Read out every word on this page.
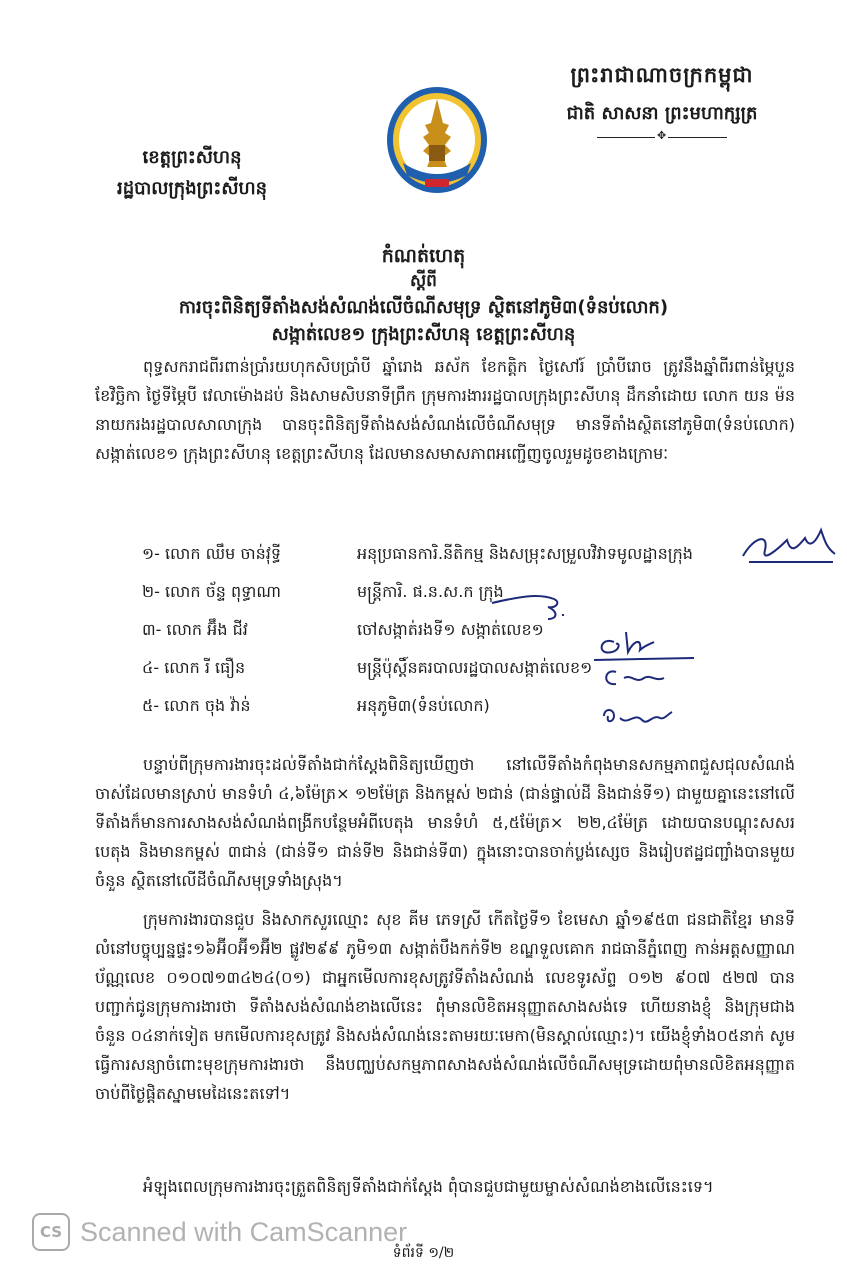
ព្រះរាជាណាចក្រកម្ពុជា
ជាតិ សាសនា ព្រះមហាក្សត្រ
✥
ខេត្តព្រះសីហនុ
រដ្ឋបាលក្រុងព្រះសីហនុ
កំណត់ហេតុ
ស្តីពី
ការចុះពិនិត្យទីតាំងសង់សំណង់លើចំណីសមុទ្រ ស្ថិតនៅភូមិ៣(ទំនប់លោក)
សង្កាត់លេខ១ ក្រុងព្រះសីហនុ ខេត្តព្រះសីហនុ
ពុទ្ធសករាជពីរពាន់ប្រាំរយហុកសិបប្រាំបី ឆ្នាំរោង ឆស័ក ខែកត្តិក ថ្ងៃសៅរ៍ ប្រាំបីរោច ត្រូវនឹងឆ្នាំពីរពាន់ម្ភៃបួន ខែវិច្ឆិកា ថ្ងៃទីម្ភៃបី វេលាម៉ោងដប់ និងសាមសិបនាទីព្រឹក ក្រុមការងាររដ្ឋបាលក្រុងព្រះសីហនុ ដឹកនាំដោយ លោក យន ម៉ន នាយករងរដ្ឋបាលសាលាក្រុង បានចុះពិនិត្យទីតាំងសង់សំណង់លើចំណីសមុទ្រ មានទីតាំងស្ថិតនៅភូមិ៣(ទំនប់លោក) សង្កាត់លេខ១ ក្រុងព្រះសីហនុ ខេត្តព្រះសីហនុ ដែលមានសមាសភាពអញ្ជើញចូលរួមដូចខាងក្រោមៈ
១- លោក ឈឹម ចាន់វុទ្ធី	អនុប្រធានការិ.នីតិកម្ម និងសម្រុះសម្រួលវិវាទមូលដ្ឋានក្រុង
២- លោក ច័ន្ទ ពុទ្ធាណា	មន្ត្រីការិ. ផ.ន.ស.ក ក្រុង
៣- លោក អ៊ឹង ជីវ	ចៅសង្កាត់រងទី១ សង្កាត់លេខ១
៤- លោក រី ធឿន	មន្ត្រីប៉ុស្តិ៍នគរបាលរដ្ឋបាលសង្កាត់លេខ១
៥- លោក ចុង វ៉ាន់	អនុភូមិ៣(ទំនប់លោក)
បន្ទាប់ពីក្រុមការងារចុះដល់ទីតាំងជាក់ស្តែងពិនិត្យឃើញថា នៅលើទីតាំងកំពុងមានសកម្មភាពជួសជុលសំណង់ចាស់ដែលមានស្រាប់ មានទំហំ ៤,៦ម៉ែត្រ× ១២ម៉ែត្រ និងកម្ពស់ ២ជាន់ (ជាន់ផ្ទាល់ដី និងជាន់ទី១) ជាមួយគ្នានេះនៅលើទីតាំងក៏មានការសាងសង់សំណង់ពង្រីកបន្ថែមអំពីបេតុង មានទំហំ ៥,៥ម៉ែត្រ× ២២,៤ម៉ែត្រ ដោយបានបណ្តុះសសរបេតុង និងមានកម្ពស់ ៣ជាន់ (ជាន់ទី១ ជាន់ទី២ និងជាន់ទី៣) ក្នុងនោះបានចាក់ប្លង់សេ្សច និងរៀបឥដ្ឋជញ្ជាំងបានមួយចំនួន ស្ថិតនៅលើដីចំណីសមុទ្រទាំងស្រុង។
ក្រុមការងារបានជួប និងសាកសួរឈ្មោះ សុខ គីម ភេទស្រី កើតថ្ងៃទី១ ខែមេសា ឆ្នាំ១៩៥៣ ជនជាតិខ្មែរ មានទីលំនៅបច្ចុប្បន្នផ្ទះ១៦អ៊ី០អ៊ី១អ៊ី២ ផ្លូវ២៩៩ ភូមិ១៣ សង្កាត់បឹងកក់ទី២ ខណ្ឌទួលគោក រាជធានីភ្នំពេញ កាន់អត្តសញ្ញាណប័ណ្ណលេខ ០១០៧១៣៤២៤(០១) ជាអ្នកមើលការខុសត្រូវទីតាំងសំណង់ លេខទូរស័ព្ទ ០១២ ៩០៧ ៥២៧ បានបញ្ជាក់ជូនក្រុមការងារថា ទីតាំងសង់សំណង់ខាងលើនេះ ពុំមានលិខិតអនុញ្ញាតសាងសង់ទេ ហើយនាងខ្ញុំ និងក្រុមជាងចំនួន ០៤នាក់ទៀត មកមើលការខុសត្រូវ និងសង់សំណង់នេះតាមរយៈមេកា(មិនស្គាល់ឈ្មោះ)។ យើងខ្ញុំទាំង០៥នាក់ សូមធ្វើការសន្យាចំពោះមុខក្រុមការងារថា នឹងបញ្ឈប់សកម្មភាពសាងសង់សំណង់លើចំណីសមុទ្រដោយពុំមានលិខិតអនុញ្ញាតចាប់ពីថ្ងៃផ្តិតស្នាមមេដៃនេះតទៅ។
អំឡុងពេលក្រុមការងារចុះត្រួតពិនិត្យទីតាំងជាក់ស្តែង ពុំបានជួបជាមួយម្ចាស់សំណង់ខាងលើនេះទេ។
CS Scanned with CamScanner
ទំព័រទី ១/២
